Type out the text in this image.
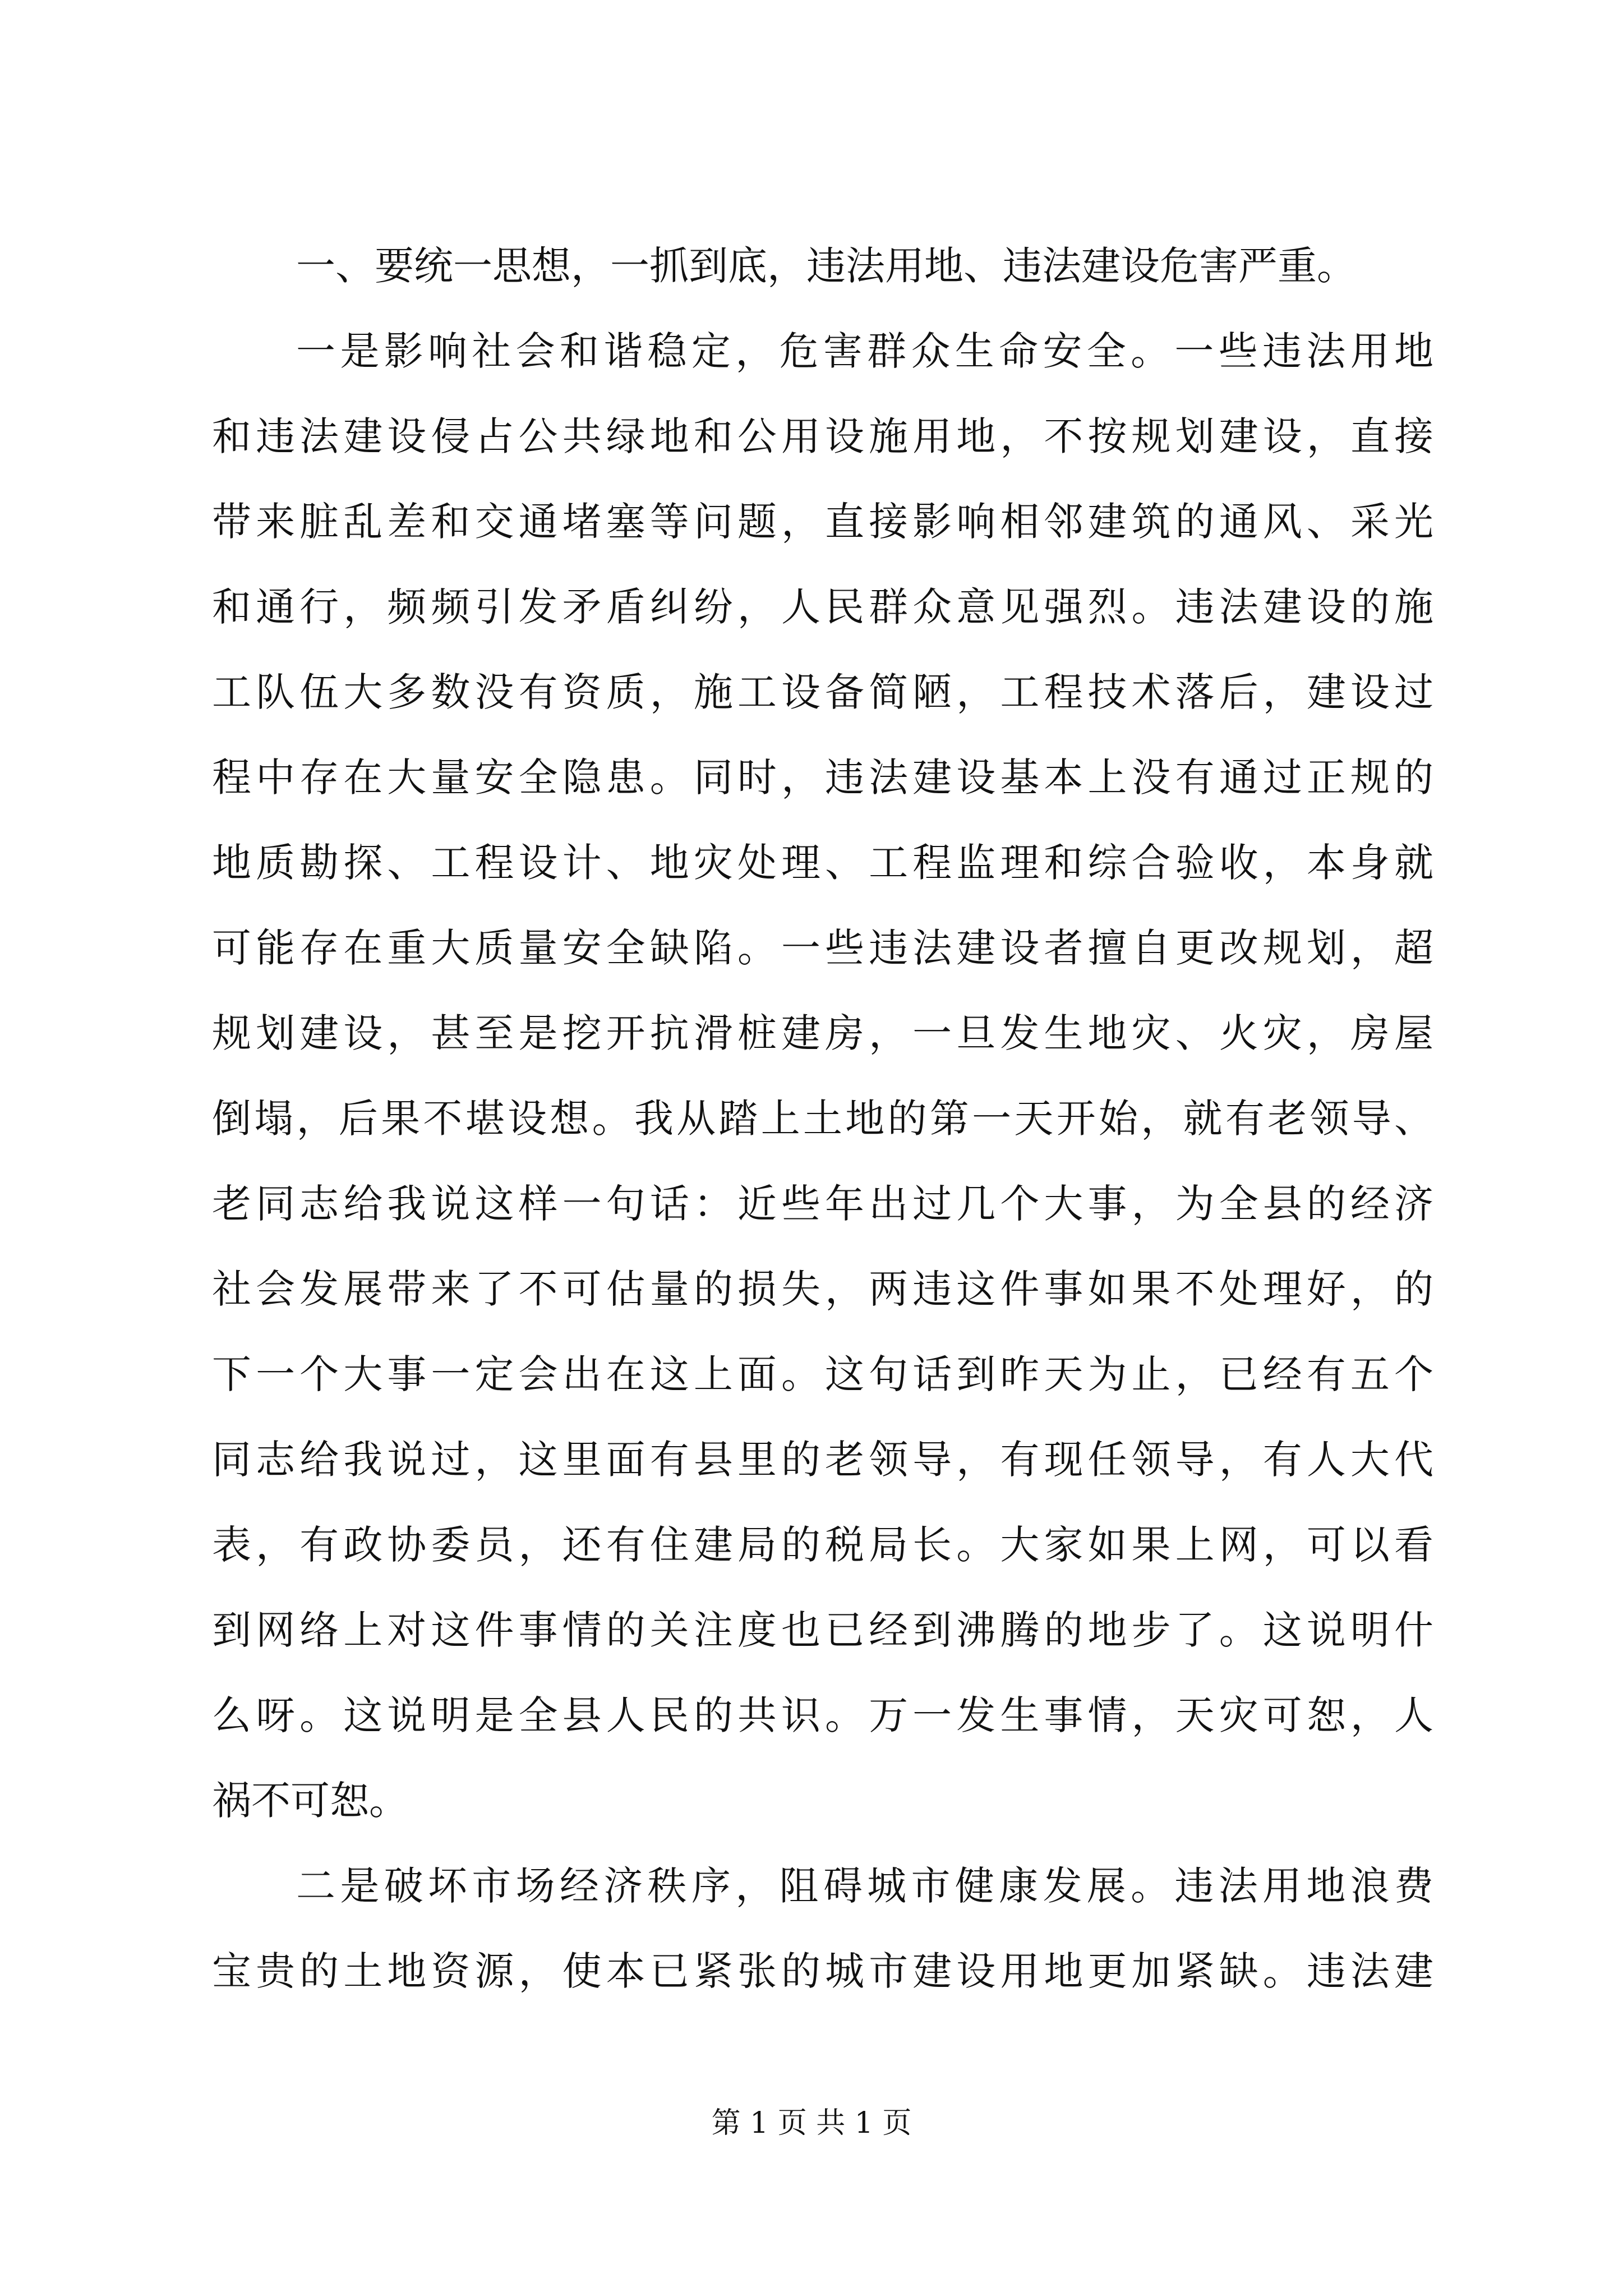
一、要统一思想，一抓到底，违法用地、违法建设危害严重。
一是影响社会和谐稳定，危害群众生命安全。一些违法用地
和违法建设侵占公共绿地和公用设施用地，不按规划建设，直接
带来脏乱差和交通堵塞等问题，直接影响相邻建筑的通风、采光
和通行，频频引发矛盾纠纷，人民群众意见强烈。违法建设的施
工队伍大多数没有资质，施工设备简陋，工程技术落后，建设过
程中存在大量安全隐患。同时，违法建设基本上没有通过正规的
地质勘探、工程设计、地灾处理、工程监理和综合验收，本身就
可能存在重大质量安全缺陷。一些违法建设者擅自更改规划，超
规划建设，甚至是挖开抗滑桩建房，一旦发生地灾、火灾，房屋
倒塌，后果不堪设想。我从踏上土地的第一天开始，就有老领导、
老同志给我说这样一句话：近些年出过几个大事，为全县的经济
社会发展带来了不可估量的损失，两违这件事如果不处理好，的
下一个大事一定会出在这上面。这句话到昨天为止，已经有五个
同志给我说过，这里面有县里的老领导，有现任领导，有人大代
表，有政协委员，还有住建局的税局长。大家如果上网，可以看
到网络上对这件事情的关注度也已经到沸腾的地步了。这说明什
么呀。这说明是全县人民的共识。万一发生事情，天灾可恕，人
祸不可恕。
二是破坏市场经济秩序，阻碍城市健康发展。违法用地浪费
宝贵的土地资源，使本已紧张的城市建设用地更加紧缺。违法建
第 1 页 共 1 页
